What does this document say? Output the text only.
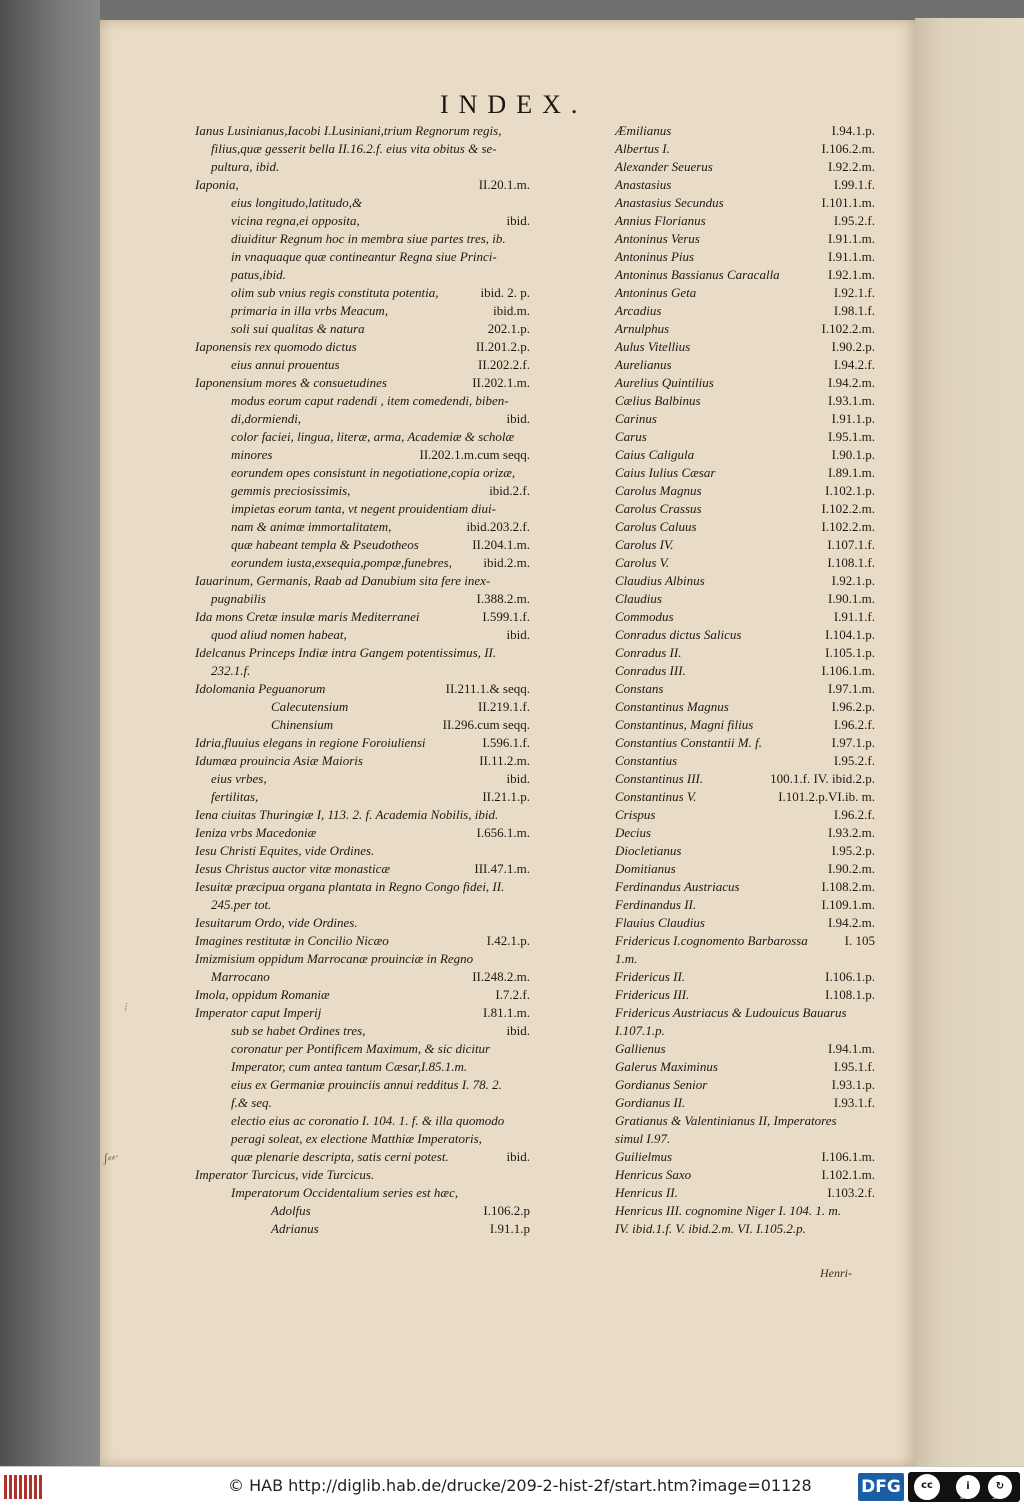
INDEX.
Ianus Lusinianus,Iacobi I.Lusiniani,trium Regnorum regis,
filius,quæ gesserit bella II.16.2.f. eius vita obitus & se-
pultura, ibid.
Iaponia,	II.20.1.m.
eius longitudo,latitudo,&
vicina regna,ei opposita,	ibid.
diuiditur Regnum hoc in membra siue partes tres, ib.
in vnaquaque quæ contineantur Regna siue Princi-
patus,ibid.
olim sub vnius regis constituta potentia,	ibid. 2. p.
primaria in illa vrbs Meacum,	ibid.m.
soli sui qualitas & natura	202.1.p.
Iaponensis rex quomodo dictus	II.201.2.p.
eius annui prouentus	II.202.2.f.
Iaponensium mores & consuetudines	II.202.1.m.
modus eorum caput radendi , item comedendi, biben-
di,dormiendi,	ibid.
color faciei, lingua, literæ, arma, Academiæ & scholæ
minores	II.202.1.m.cum seqq.
eorundem opes consistunt in negotiatione,copia orizæ,
gemmis preciosissimis,	ibid.2.f.
impietas eorum tanta, vt negent prouidentiam diui-
nam & animæ immortalitatem,	ibid.203.2.f.
quæ habeant templa & Pseudotheos	II.204.1.m.
eorundem iusta,exsequia,pompæ,funebres, ibid.2.m.
Iauarinum, Germanis, Raab ad Danubium sita fere inex-
pugnabilis	I.388.2.m.
Ida mons Cretæ insulæ maris Mediterranei	I.599.1.f.
quod aliud nomen habeat,	ibid.
Idelcanus Princeps Indiæ intra Gangem potentissimus, II.
232.1.f.
Idolomania Peguanorum	II.211.1.& seqq.
Calecutensium	II.219.1.f.
Chinensium	II.296.cum seqq.
Idria,fluuius elegans in regione Foroiuliensi	I.596.1.f.
Idumæa prouincia Asiæ Maioris	II.11.2.m.
eius vrbes,	ibid.
fertilitas,	II.21.1.p.
Iena ciuitas Thuringiæ I, 113. 2. f. Academia Nobilis, ibid.
Ieniza vrbs Macedoniæ	I.656.1.m.
Iesu Christi Equites, vide Ordines.
Iesus Christus auctor vitæ monasticæ	III.47.1.m.
Iesuitæ præcipua organa plantata in Regno Congo fidei, II.
245.per tot.
Iesuitarum Ordo, vide Ordines.
Imagines restitutæ in Concilio Nicæo	I.42.1.p.
Imizmisium oppidum Marrocanæ prouinciæ in Regno
Marrocano	II.248.2.m.
Imola, oppidum Romaniæ	I.7.2.f.
Imperator caput Imperij	I.81.1.m.
sub se habet Ordines tres,	ibid.
coronatur per Pontificem Maximum, & sic dicitur
Imperator, cum antea tantum Cæsar,I.85.1.m.
eius ex Germaniæ prouinciis annui redditus I. 78. 2.
f.& seq.
electio eius ac coronatio I. 104. 1. f. & illa quomodo
peragi soleat, ex electione Matthiæ Imperatoris,
quæ plenarie descripta, satis cerni potest.	ibid.
Imperator Turcicus, vide Turcicus.
Imperatorum Occidentalium series est hæc,
Adolfus	I.106.2.p
Adrianus	I.91.1.p
Æmilianus	I.94.1.p.
Albertus I.	I.106.2.m.
Alexander Seuerus	I.92.2.m.
Anastasius	I.99.1.f.
Anastasius Secundus	I.101.1.m.
Annius Florianus	I.95.2.f.
Antoninus Verus	I.91.1.m.
Antoninus Pius	I.91.1.m.
Antoninus Bassianus Caracalla	I.92.1.m.
Antoninus Geta	I.92.1.f.
Arcadius	I.98.1.f.
Arnulphus	I.102.2.m.
Aulus Vitellius	I.90.2.p.
Aurelianus	I.94.2.f.
Aurelius Quintilius	I.94.2.m.
Cælius Balbinus	I.93.1.m.
Carinus	I.91.1.p.
Carus	I.95.1.m.
Caius Caligula	I.90.1.p.
Caius Iulius Cæsar	I.89.1.m.
Carolus Magnus	I.102.1.p.
Carolus Crassus	I.102.2.m.
Carolus Caluus	I.102.2.m.
Carolus IV.	I.107.1.f.
Carolus V.	I.108.1.f.
Claudius Albinus	I.92.1.p.
Claudius	I.90.1.m.
Commodus	I.91.1.f.
Conradus dictus Salicus	I.104.1.p.
Conradus II.	I.105.1.p.
Conradus III.	I.106.1.m.
Constans	I.97.1.m.
Constantinus Magnus	I.96.2.p.
Constantinus, Magni filius	I.96.2.f.
Constantius Constantii M. f.	I.97.1.p.
Constantius	I.95.2.f.
Constantinus III.	100.1.f. IV. ibid.2.p.
Constantinus V.	I.101.2.p.VI.ib. m.
Crispus	I.96.2.f.
Decius	I.93.2.m.
Diocletianus	I.95.2.p.
Domitianus	I.90.2.m.
Ferdinandus Austriacus	I.108.2.m.
Ferdinandus II.	I.109.1.m.
Flauius Claudius	I.94.2.m.
Fridericus I.cognomento Barbarossa	I. 105
1.m.
Fridericus II.	I.106.1.p.
Fridericus III.	I.108.1.p.
Fridericus Austriacus & Ludouicus Bauarus
I.107.1.p.
Gallienus	I.94.1.m.
Galerus Maximinus	I.95.1.f.
Gordianus Senior	I.93.1.p.
Gordianus II.	I.93.1.f.
Gratianus & Valentinianus II, Imperatores
simul I.97.
Guilielmus	I.106.1.m.
Henricus Saxo	I.102.1.m.
Henricus II.	I.103.2.f.
Henricus III. cognomine Niger I. 104. 1. m.
IV. ibid.1.f. V. ibid.2.m. VI. I.105.2.p.
Henri-
ʃ⸗⸗·
⁞
© HAB http://diglib.hab.de/drucke/209-2-hist-2f/start.htm?image=01128	DFG	cc	i	↻
BY	SA
